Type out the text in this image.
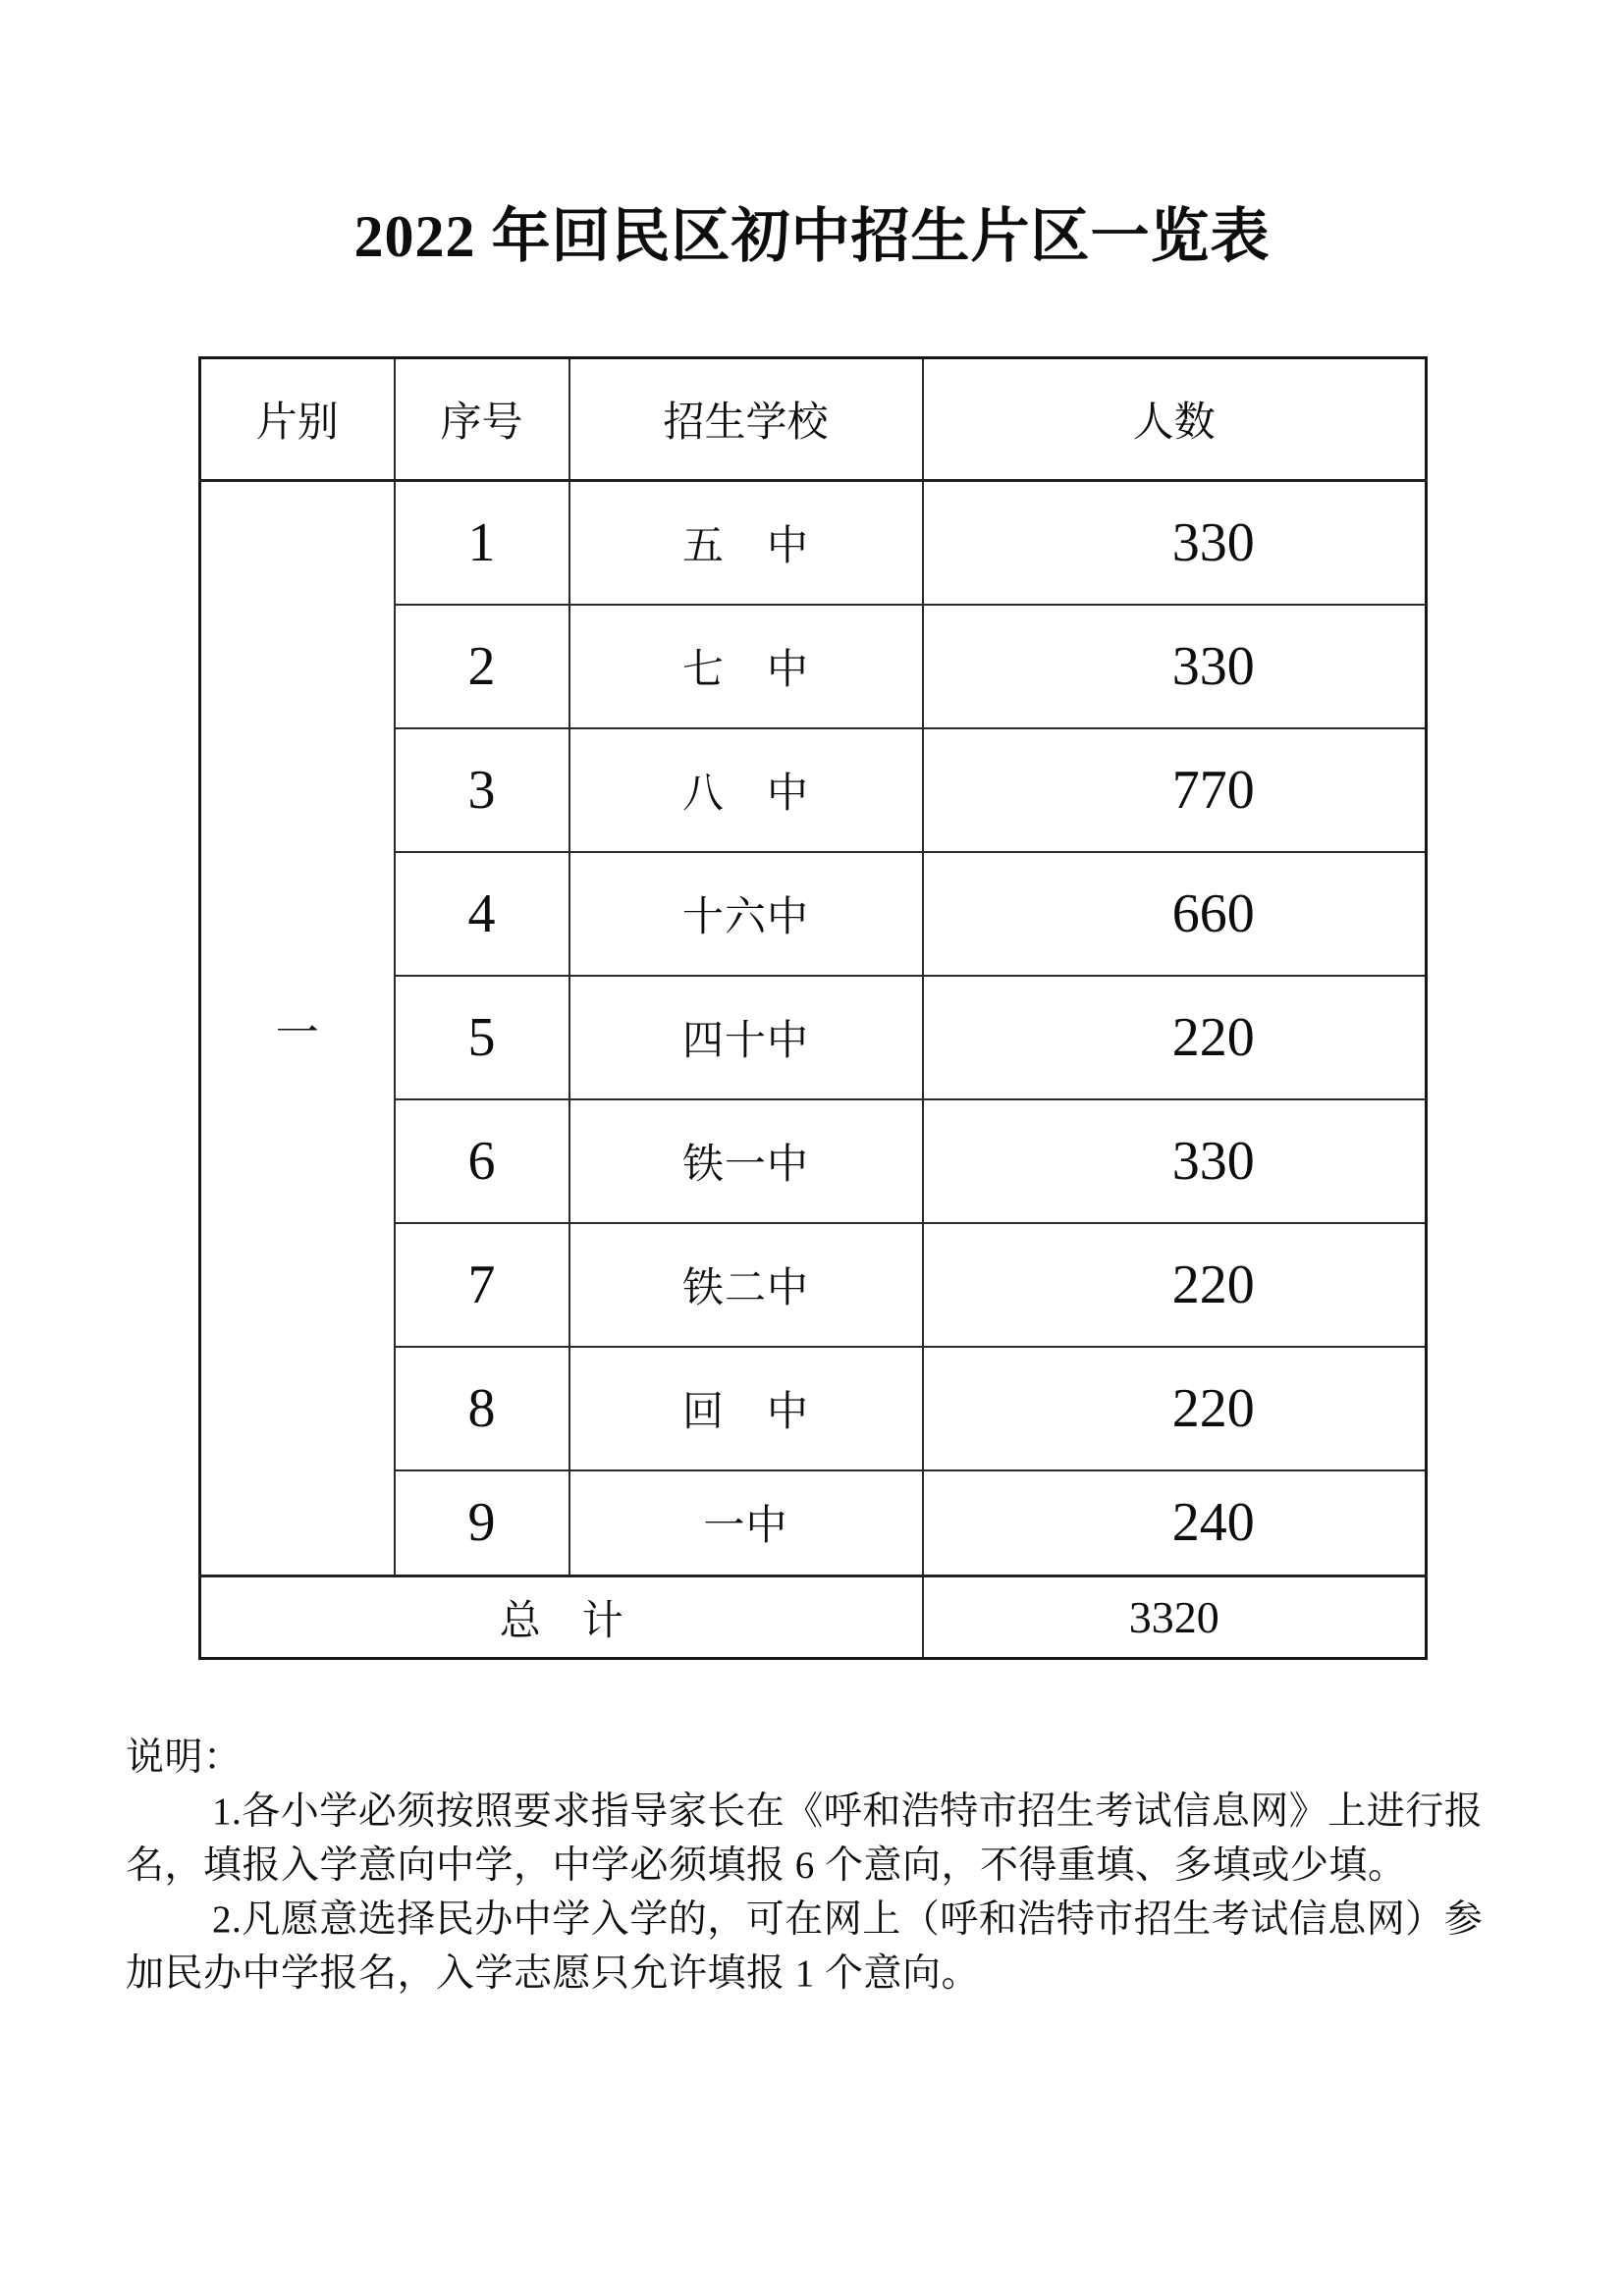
2022 年回民区初中招生片区一览表
片别	序号	招生学校	人数
一	1	五　中	330
	2	七　中	330
	3	八　中	770
	4	十六中	660
	5	四十中	220
	6	铁一中	330
	7	铁二中	220
	8	回　中	220
	9	一中	240
总　计			3320
说明：
1.各小学必须按照要求指导家长在《呼和浩特市招生考试信息网》上进行报
名，填报入学意向中学，中学必须填报 6 个意向，不得重填、多填或少填。
2.凡愿意选择民办中学入学的，可在网上（呼和浩特市招生考试信息网）参
加民办中学报名，入学志愿只允许填报 1 个意向。
